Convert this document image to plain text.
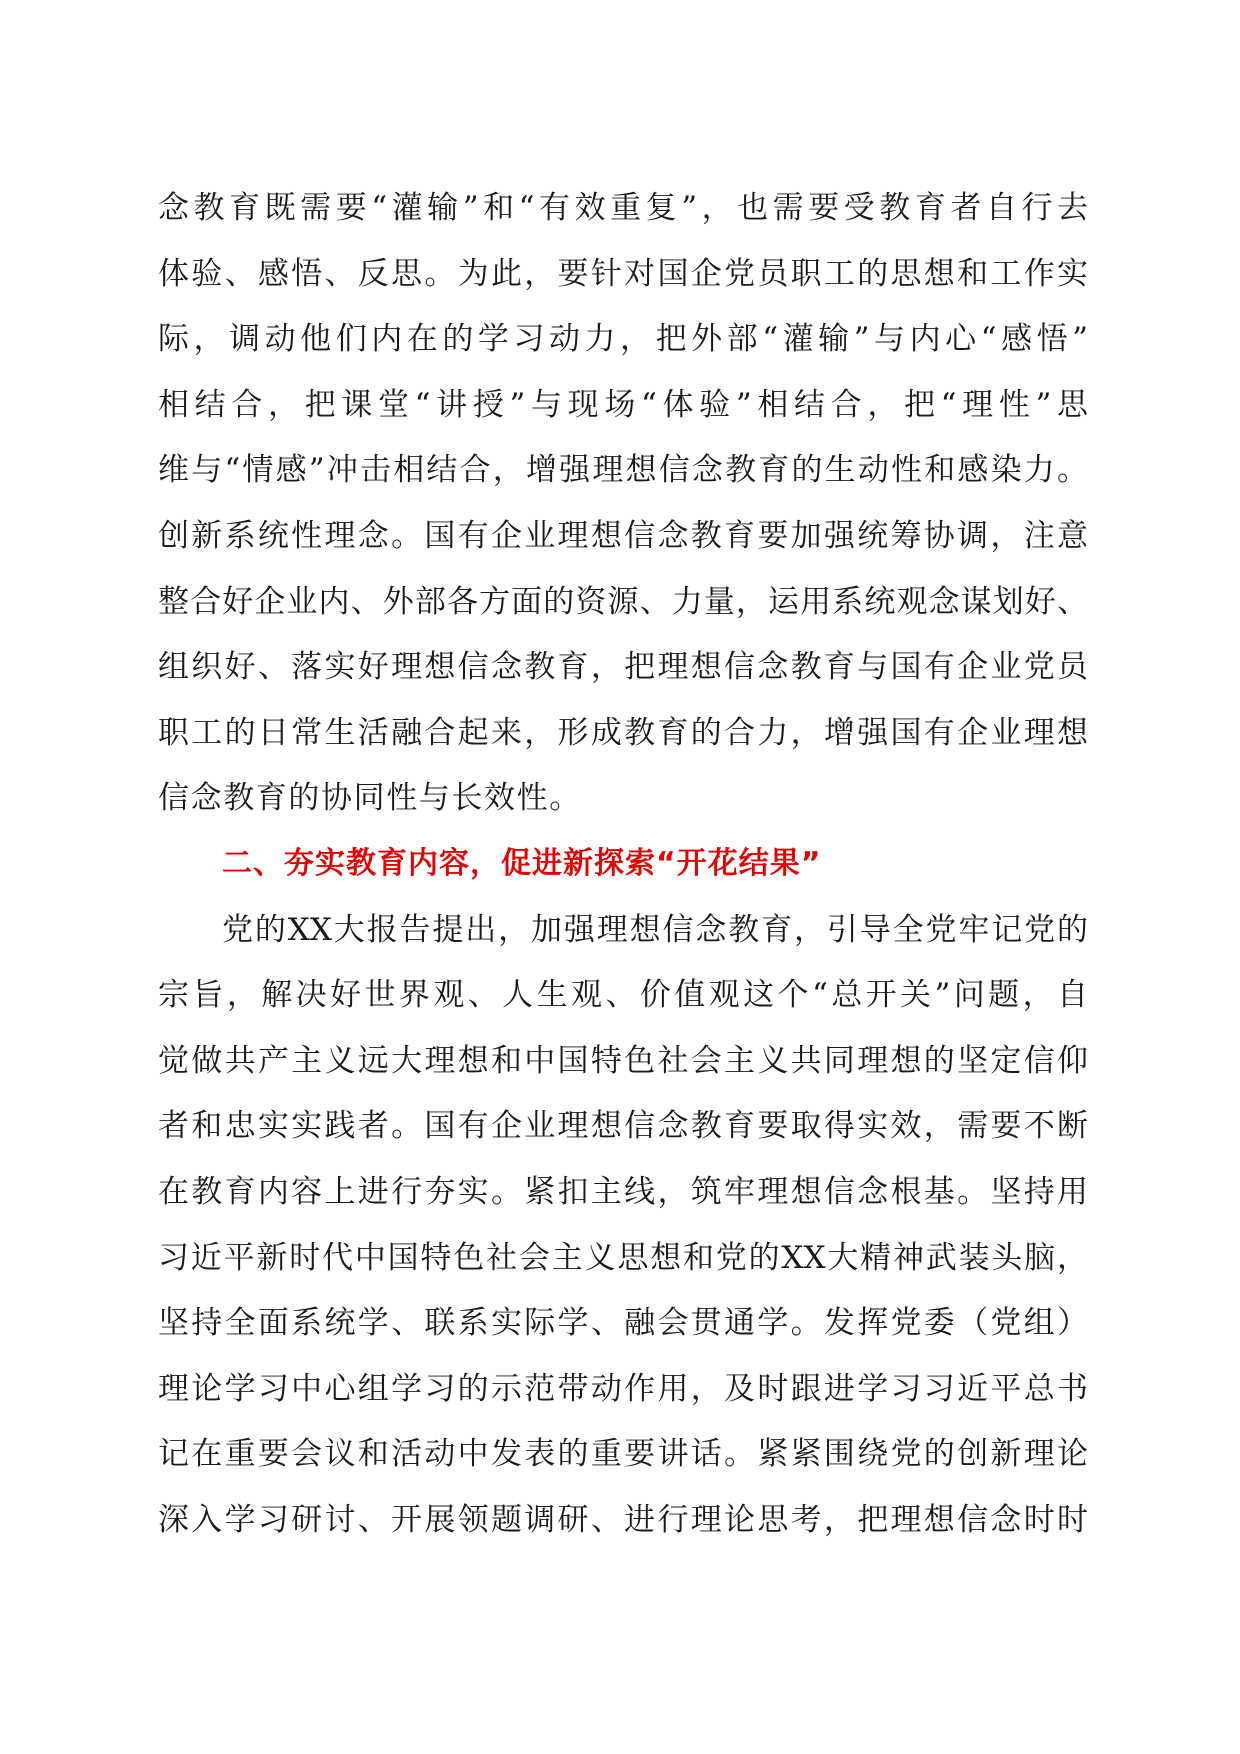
念教育既需要“灌输”和“有效重复”，也需要受教育者自行去
体验、感悟、反思。为此，要针对国企党员职工的思想和工作实
际，调动他们内在的学习动力，把外部“灌输”与内心“感悟”
相结合，把课堂“讲授”与现场“体验”相结合，把“理性”思
维与“情感”冲击相结合，增强理想信念教育的生动性和感染力。
创新系统性理念。国有企业理想信念教育要加强统筹协调，注意
整合好企业内、外部各方面的资源、力量，运用系统观念谋划好、
组织好、落实好理想信念教育，把理想信念教育与国有企业党员
职工的日常生活融合起来，形成教育的合力，增强国有企业理想
信念教育的协同性与长效性。
二、夯实教育内容，促进新探索“开花结果”
党的XX大报告提出，加强理想信念教育，引导全党牢记党的
宗旨，解决好世界观、人生观、价值观这个“总开关”问题，自
觉做共产主义远大理想和中国特色社会主义共同理想的坚定信仰
者和忠实实践者。国有企业理想信念教育要取得实效，需要不断
在教育内容上进行夯实。紧扣主线，筑牢理想信念根基。坚持用
习近平新时代中国特色社会主义思想和党的XX大精神武装头脑，
坚持全面系统学、联系实际学、融会贯通学。发挥党委（党组）
理论学习中心组学习的示范带动作用，及时跟进学习习近平总书
记在重要会议和活动中发表的重要讲话。紧紧围绕党的创新理论
深入学习研讨、开展领题调研、进行理论思考，把理想信念时时
